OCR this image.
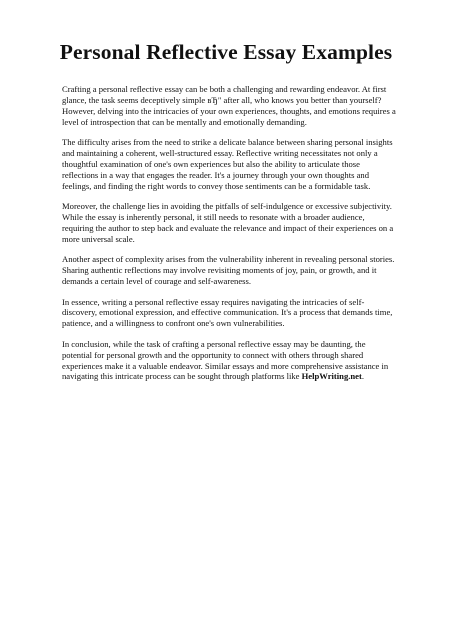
Personal Reflective Essay Examples

Crafting a personal reflective essay can be both a challenging and rewarding endeavor. At first
glance, the task seems deceptively simple вЂ" after all, who knows you better than yourself?
However, delving into the intricacies of your own experiences, thoughts, and emotions requires a
level of introspection that can be mentally and emotionally demanding.

The difficulty arises from the need to strike a delicate balance between sharing personal insights
and maintaining a coherent, well-structured essay. Reflective writing necessitates not only a
thoughtful examination of one's own experiences but also the ability to articulate those
reflections in a way that engages the reader. It's a journey through your own thoughts and
feelings, and finding the right words to convey those sentiments can be a formidable task.

Moreover, the challenge lies in avoiding the pitfalls of self-indulgence or excessive subjectivity.
While the essay is inherently personal, it still needs to resonate with a broader audience,
requiring the author to step back and evaluate the relevance and impact of their experiences on a
more universal scale.

Another aspect of complexity arises from the vulnerability inherent in revealing personal stories.
Sharing authentic reflections may involve revisiting moments of joy, pain, or growth, and it
demands a certain level of courage and self-awareness.

In essence, writing a personal reflective essay requires navigating the intricacies of self-
discovery, emotional expression, and effective communication. It's a process that demands time,
patience, and a willingness to confront one's own vulnerabilities.

In conclusion, while the task of crafting a personal reflective essay may be daunting, the
potential for personal growth and the opportunity to connect with others through shared
experiences make it a valuable endeavor. Similar essays and more comprehensive assistance in
navigating this intricate process can be sought through platforms like HelpWriting.net.
